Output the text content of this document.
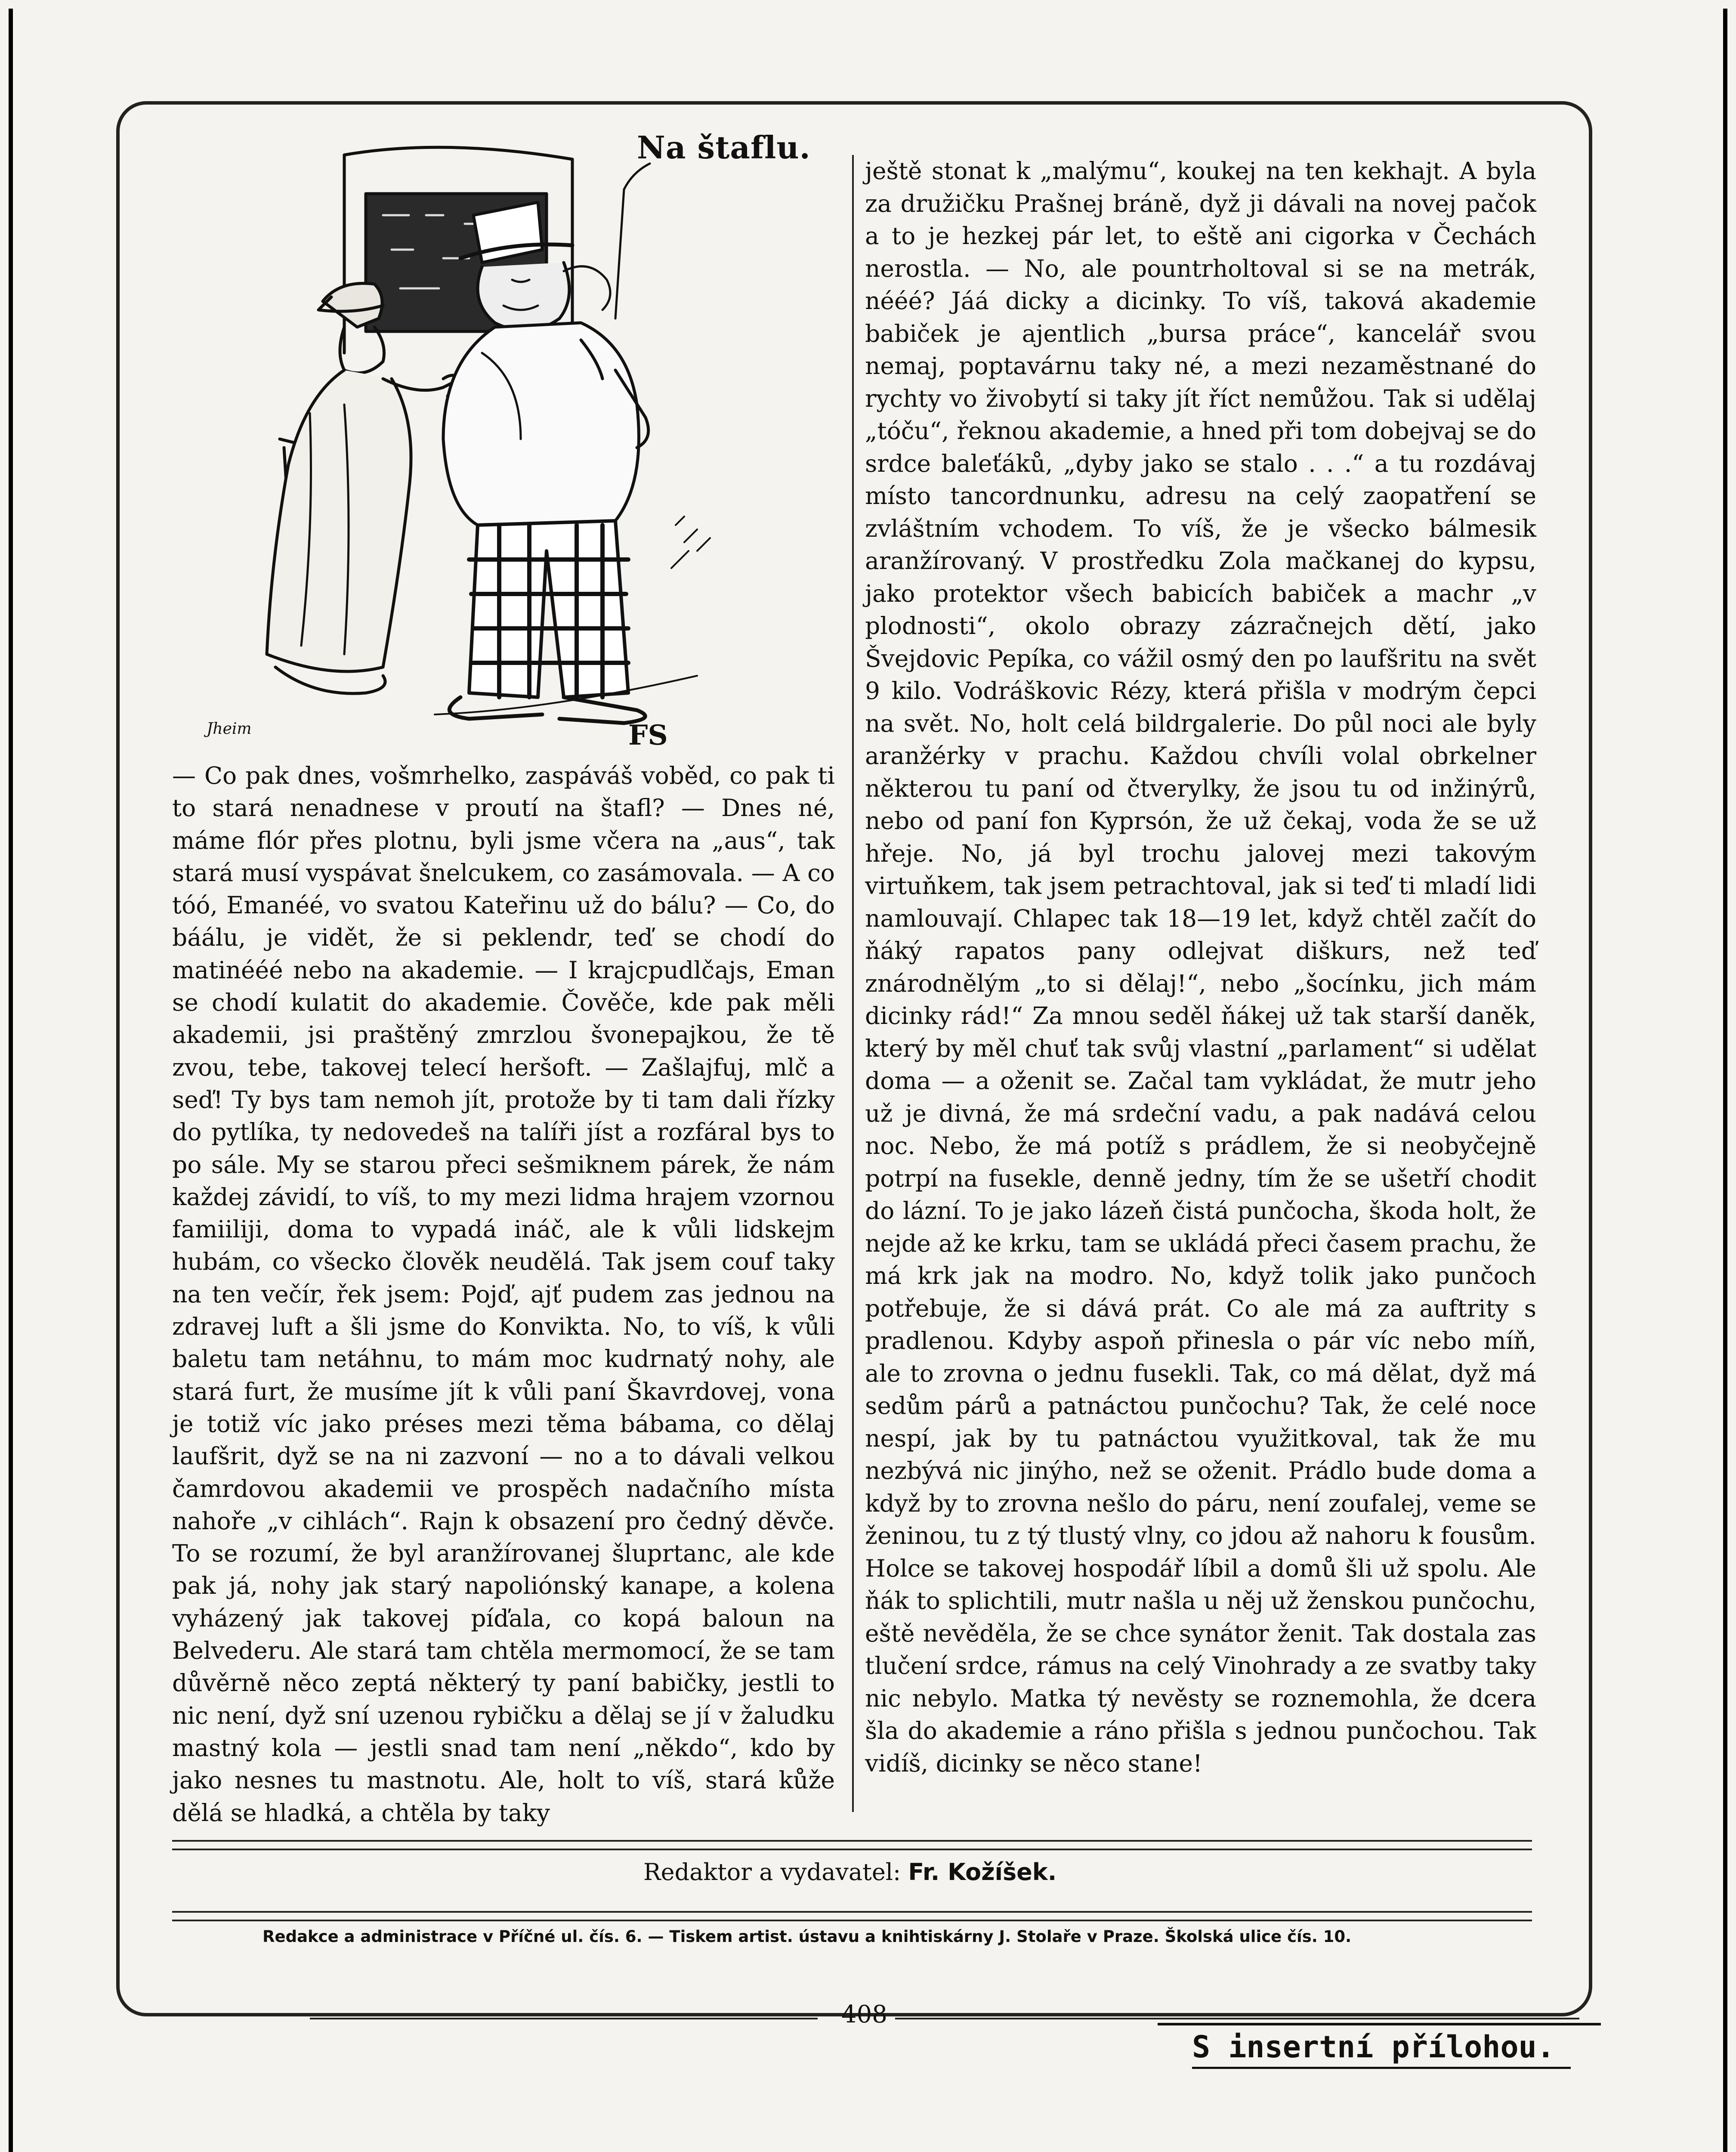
Jheim	FS
Na štaflu.

— Co pak dnes, vošmrhelko, zaspáváš voběd, co pak ti to stará nenadnese v proutí na štafl? — Dnes né, máme flór přes plotnu, byli jsme včera na „aus“, tak stará musí vyspávat šnelcukem, co zasámovala. — A co tóó, Emanéé, vo svatou Kateřinu už do bálu? — Co, do báálu, je vidět, že si peklendr, teď se chodí do matinééé nebo na akademie. — I krajcpudlčajs, Eman se chodí kulatit do akademie. Čověče, kde pak měli akademii, jsi praštěný zmrzlou švonepajkou, že tě zvou, tebe, takovej telecí heršoft. — Zašlajfuj, mlč a seď! Ty bys tam nemoh jít, protože by ti tam dali řízky do pytlíka, ty nedovedeš na talíři jíst a rozfáral bys to po sále. My se starou přeci sešmiknem párek, že nám každej závidí, to víš, to my mezi lidma hrajem vzornou famiiliji, doma to vypadá ináč, ale k vůli lidskejm hubám, co všecko člověk neudělá. Tak jsem couf taky na ten večír, řek jsem: Pojď, ajť pudem zas jednou na zdravej luft a šli jsme do Konvikta. No, to víš, k vůli baletu tam netáhnu, to mám moc kudrnatý nohy, ale stará furt, že musíme jít k vůli paní Škavrdovej, vona je totiž víc jako préses mezi těma bábama, co dělaj laufšrit, dyž se na ni zazvoní — no a to dávali velkou čamrdovou akademii ve prospěch nadačního místa nahoře „v cihlách“. Rajn k obsazení pro čedný děvče. To se rozumí, že byl aranžírovanej šluprtanc, ale kde pak já, nohy jak starý napoliónský kanape, a kolena vyházený jak takovej píďala, co kopá baloun na Belvederu. Ale stará tam chtěla mermomocí, že se tam důvěrně něco zeptá některý ty paní babičky, jestli to nic není, dyž sní uzenou rybičku a dělaj se jí v žaludku mastný kola — jestli snad tam není „někdo“, kdo by jako nesnes tu mastnotu. Ale, holt to víš, stará kůže dělá se hladká, a chtěla by taky

ještě stonat k „malýmu“, koukej na ten kekhajt. A byla za družičku Prašnej bráně, dyž ji dávali na novej pačok a to je hezkej pár let, to eště ani cigorka v Čechách nerostla. — No, ale pountrholtoval si se na metrák, nééé? Jáá dicky a dicinky. To víš, taková akademie babiček je ajentlich „bursa práce“, kancelář svou nemaj, poptavárnu taky né, a mezi nezaměstnané do rychty vo živobytí si taky jít říct nemůžou. Tak si udělaj „tóču“, řeknou akademie, a hned při tom dobejvaj se do srdce baleťáků, „dyby jako se stalo . . .“ a tu rozdávaj místo tancordnunku, adresu na celý zaopatření se zvláštním vchodem. To víš, že je všecko bálmesik aranžírovaný. V prostředku Zola mačkanej do kypsu, jako protektor všech babicích babiček a machr „v plodnosti“, okolo obrazy zázračnejch dětí, jako Švejdovic Pepíka, co vážil osmý den po laufšritu na svět 9 kilo. Vodráškovic Rézy, která přišla v modrým čepci na svět. No, holt celá bildrgalerie. Do půl noci ale byly aranžérky v prachu. Každou chvíli volal obrkelner některou tu paní od čtverylky, že jsou tu od inžinýrů, nebo od paní fon Kyprsón, že už čekaj, voda že se už hřeje. No, já byl trochu jalovej mezi takovým virtuňkem, tak jsem petrachtoval, jak si teď ti mladí lidi namlouvají. Chlapec tak 18—19 let, když chtěl začít do ňáký rapatos pany odlejvat diškurs, než teď znárodnělým „to si dělaj!“, nebo „šocínku, jich mám dicinky rád!“ Za mnou seděl ňákej už tak starší daněk, který by měl chuť tak svůj vlastní „parlament“ si udělat doma — a oženit se. Začal tam vykládat, že mutr jeho už je divná, že má srdeční vadu, a pak nadává celou noc. Nebo, že má potíž s prádlem, že si neobyčejně potrpí na fusekle, denně jedny, tím že se ušetří chodit do lázní. To je jako lázeň čistá punčocha, škoda holt, že nejde až ke krku, tam se ukládá přeci časem prachu, že má krk jak na modro. No, když tolik jako punčoch potřebuje, že si dává prát. Co ale má za auftrity s pradlenou. Kdyby aspoň přinesla o pár víc nebo míň, ale to zrovna o jednu fusekli. Tak, co má dělat, dyž má sedům párů a patnáctou punčochu? Tak, že celé noce nespí, jak by tu patnáctou využitkoval, tak že mu nezbývá nic jinýho, než se oženit. Prádlo bude doma a když by to zrovna nešlo do páru, není zoufalej, veme se ženinou, tu z tý tlustý vlny, co jdou až nahoru k fousům. Holce se takovej hospodář líbil a domů šli už spolu. Ale ňák to splichtili, mutr našla u něj už ženskou punčochu, eště nevěděla, že se chce synátor ženit. Tak dostala zas tlučení srdce, rámus na celý Vinohrady a ze svatby taky nic nebylo. Matka tý nevěsty se roznemohla, že dcera šla do akademie a ráno přišla s jednou punčochou. Tak vidíš, dicinky se něco stane!

Redaktor a vydavatel: Fr. Kožíšek.

Redakce a administrace v Příčné ul. čís. 6. — Tiskem artist. ústavu a knihtiskárny J. Stolaře v Praze. Školská ulice čís. 10.

408

S insertní přílohou.
